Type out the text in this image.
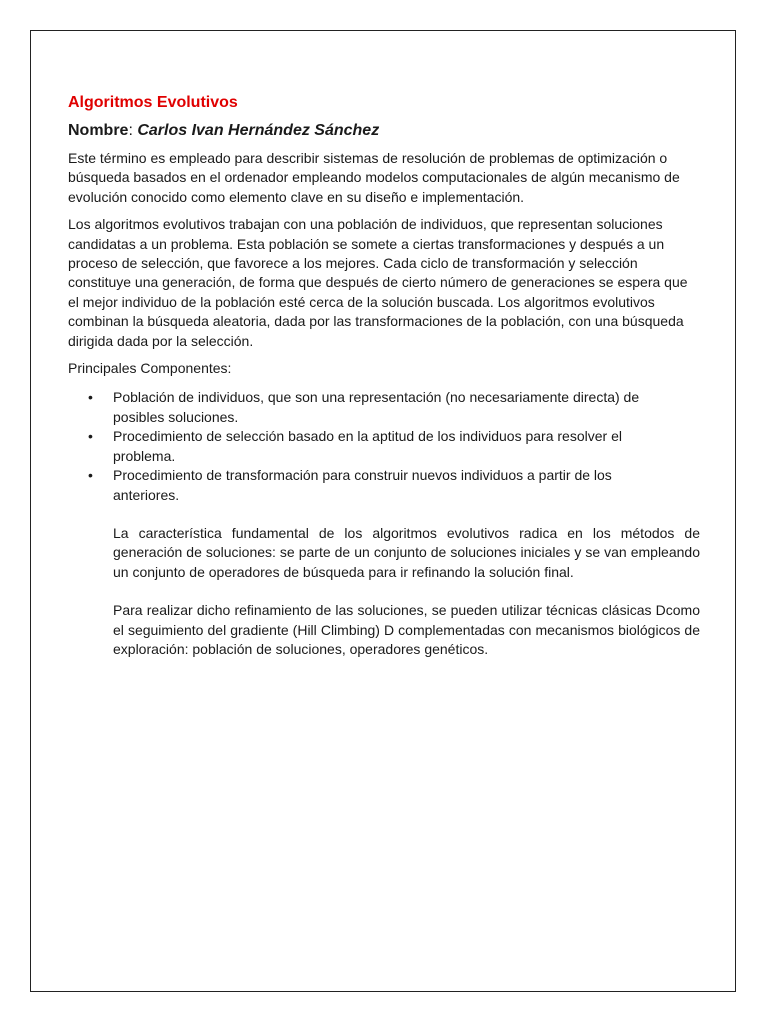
Algoritmos Evolutivos
Nombre: Carlos Ivan Hernández Sánchez

Este término es empleado para describir sistemas de resolución de problemas de optimización o búsqueda basados en el ordenador empleando modelos computacionales de algún mecanismo de evolución conocido como elemento clave en su diseño e implementación.

Los algoritmos evolutivos trabajan con una población de individuos, que representan soluciones candidatas a un problema. Esta población se somete a ciertas transformaciones y después a un proceso de selección, que favorece a los mejores. Cada ciclo de transformación y selección constituye una generación, de forma que después de cierto número de generaciones se espera que el mejor individuo de la población esté cerca de la solución buscada. Los algoritmos evolutivos combinan la búsqueda aleatoria, dada por las transformaciones de la población, con una búsqueda dirigida dada por la selección.

Principales Componentes:

• Población de individuos, que son una representación (no necesariamente directa) de posibles soluciones.
• Procedimiento de selección basado en la aptitud de los individuos para resolver el problema.
• Procedimiento de transformación para construir nuevos individuos a partir de los anteriores.

La característica fundamental de los algoritmos evolutivos radica en los métodos de generación de soluciones: se parte de un conjunto de soluciones iniciales y se van empleando un conjunto de operadores de búsqueda para ir refinando la solución final.

Para realizar dicho refinamiento de las soluciones, se pueden utilizar técnicas clásicas Dcomo el seguimiento del gradiente (Hill Climbing) D complementadas con mecanismos biológicos de exploración: población de soluciones, operadores genéticos.
